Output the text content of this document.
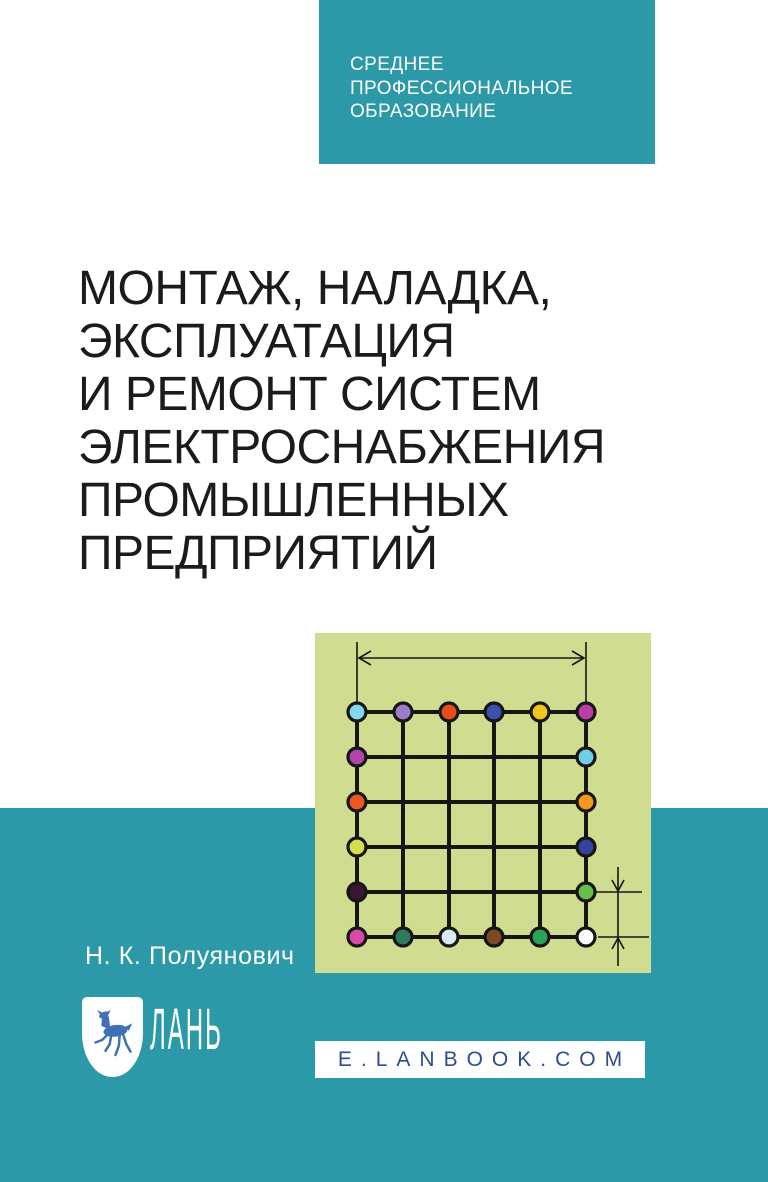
СРЕДНЕЕ
ПРОФЕССИОНАЛЬНОЕ
ОБРАЗОВАНИЕ
МОНТАЖ, НАЛАДКА,
ЭКСПЛУАТАЦИЯ
И РЕМОНТ СИСТЕМ
ЭЛЕКТРОСНАБЖЕНИЯ
ПРОМЫШЛЕННЫХ
ПРЕДПРИЯТИЙ
Н. К. Полуянович
ЛАНЬ	E.LANBOOK.COM
